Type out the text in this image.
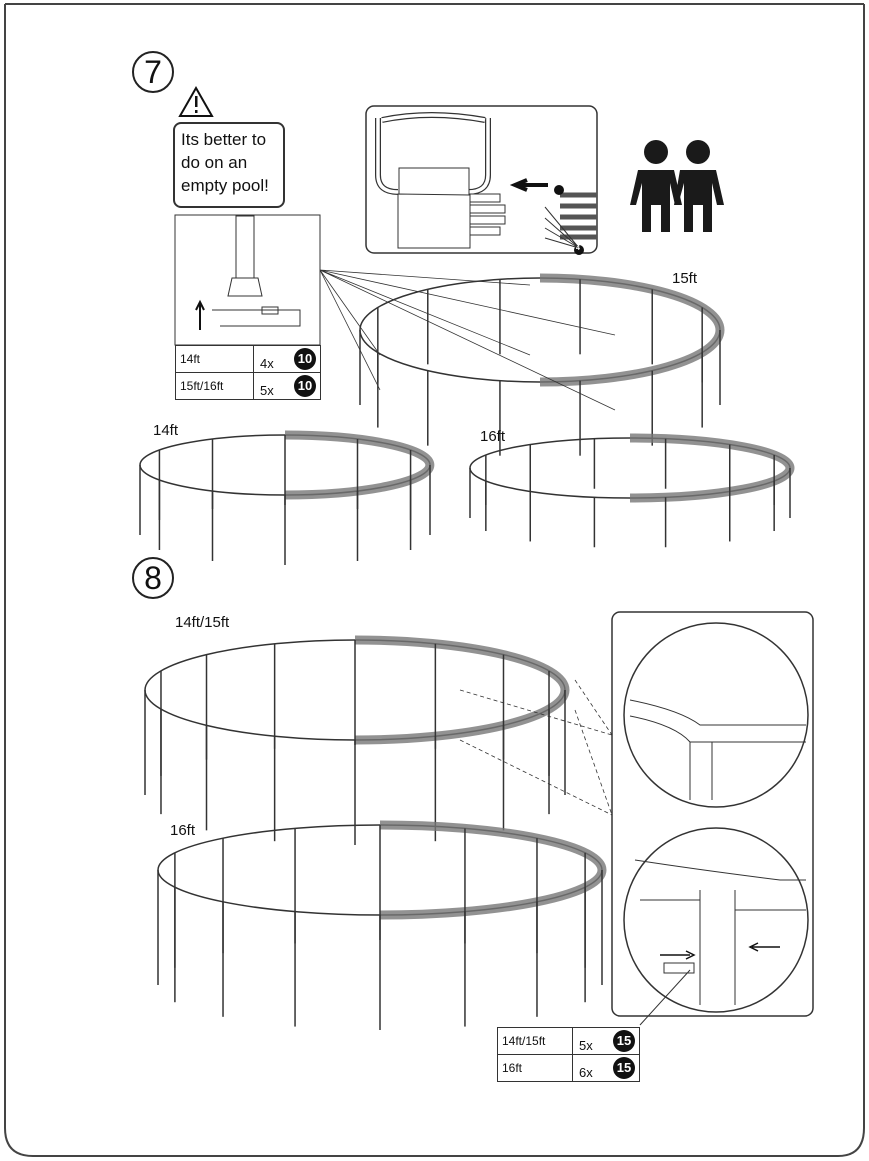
7
Its better to
do on an
empty pool!	5
4
14ft	4x 10

15ft/16ft	5x 10
15ft
14ft	16ft
8
14ft/15ft
16ft
14ft/15ft	5x 15

16ft	6x 15
